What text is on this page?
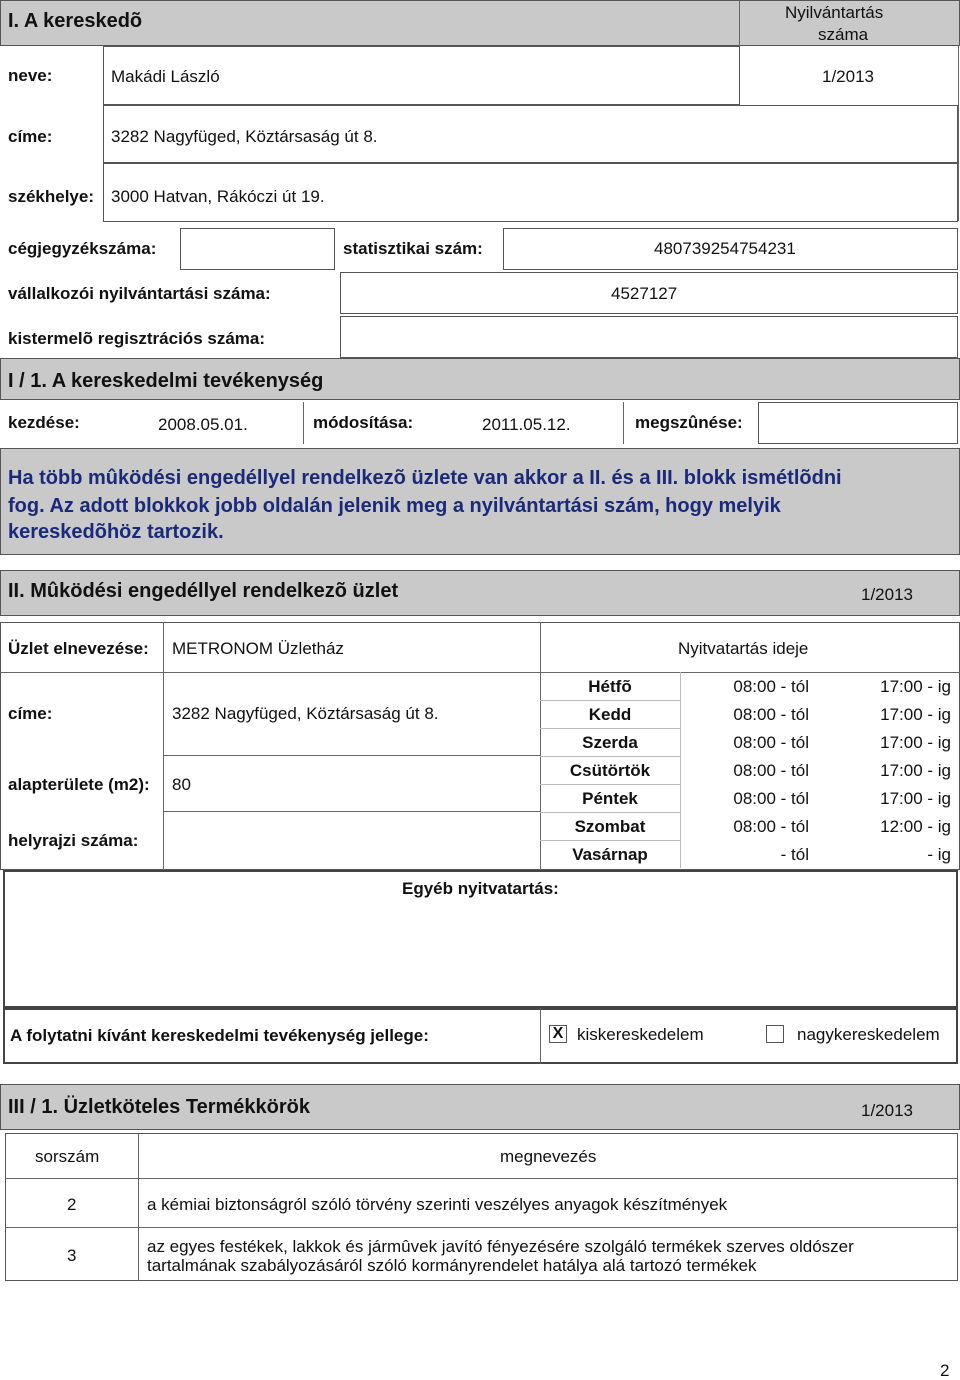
I. A kereskedõ	Nyilvántartás
száma
neve:	Makádi László	1/2013
címe:	3282 Nagyfüged, Köztársaság út 8.
székhelye: 3000 Hatvan, Rákóczi út 19.
cégjegyzékszáma:	statisztikai szám:	480739254754231
vállalkozói nyilvántartási száma:	4527127
kistermelõ regisztrációs száma:
I / 1. A kereskedelmi tevékenység
kezdése:	2008.05.01.	módosítása:	2011.05.12.	megszûnése:
Ha több mûködési engedéllyel rendelkezõ üzlete van akkor a II. és a III. blokk ismétlõdni
fog. Az adott blokkok jobb oldalán jelenik meg a nyilvántartási szám, hogy melyik
kereskedõhöz tartozik.
II. Mûködési engedéllyel rendelkezõ üzlet	1/2013
Üzlet elnevezése: METRONOM Üzletház	Nyitvatartás ideje
címe:	3282 Nagyfüged, Köztársaság út 8.
alapterülete (m2): 80
helyrajzi száma:
Hétfõ	08:00 - tól	17:00 - ig
Kedd	08:00 - tól	17:00 - ig
Szerda	08:00 - tól	17:00 - ig
Csütörtök	08:00 - tól	17:00 - ig
Péntek	08:00 - tól	17:00 - ig
Szombat	08:00 - tól	12:00 - ig
Vasárnap	- tól	- ig
Egyéb nyitvatartás:
A folytatni kívánt kereskedelmi tevékenység jellege:	X kiskereskedelem	nagykereskedelem
III / 1. Üzletköteles Termékkörök	1/2013
sorszám	megnevezés
2	a kémiai biztonságról szóló törvény szerinti veszélyes anyagok készítmények
3	az egyes festékek, lakkok és jármûvek javító fényezésére szolgáló termékek szerves oldószer
tartalmának szabályozásáról szóló kormányrendelet hatálya alá tartozó termékek
2
